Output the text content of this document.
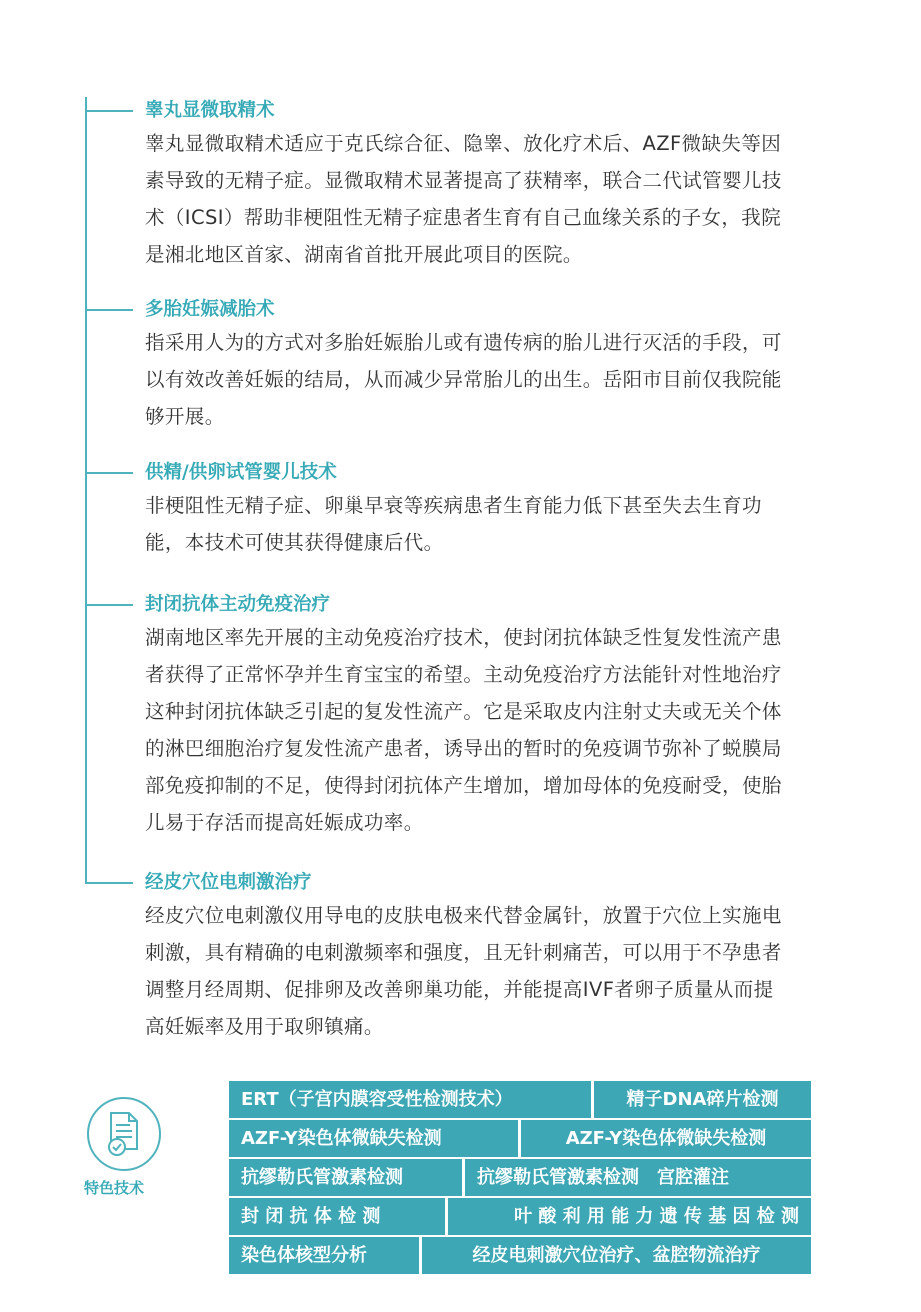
睾丸显微取精术
睾丸显微取精术适应于克氏综合征、隐睾、放化疗术后、AZF微缺失等因
素导致的无精子症。显微取精术显著提高了获精率，联合二代试管婴儿技
术（ICSI）帮助非梗阻性无精子症患者生育有自己血缘关系的子女，我院
是湘北地区首家、湖南省首批开展此项目的医院。
多胎妊娠减胎术
指采用人为的方式对多胎妊娠胎儿或有遗传病的胎儿进行灭活的手段，可
以有效改善妊娠的结局，从而减少异常胎儿的出生。岳阳市目前仅我院能
够开展。
供精/供卵试管婴儿技术
非梗阻性无精子症、卵巢早衰等疾病患者生育能力低下甚至失去生育功
能，本技术可使其获得健康后代。
封闭抗体主动免疫治疗
湖南地区率先开展的主动免疫治疗技术，使封闭抗体缺乏性复发性流产患
者获得了正常怀孕并生育宝宝的希望。主动免疫治疗方法能针对性地治疗
这种封闭抗体缺乏引起的复发性流产。它是采取皮内注射丈夫或无关个体
的淋巴细胞治疗复发性流产患者，诱导出的暂时的免疫调节弥补了蜕膜局
部免疫抑制的不足，使得封闭抗体产生增加，增加母体的免疫耐受，使胎
儿易于存活而提高妊娠成功率。
经皮穴位电刺激治疗
经皮穴位电刺激仪用导电的皮肤电极来代替金属针，放置于穴位上实施电
刺激，具有精确的电刺激频率和强度，且无针刺痛苦，可以用于不孕患者
调整月经周期、促排卵及改善卵巢功能，并能提高IVF者卵子质量从而提
高妊娠率及用于取卵镇痛。
特色技术
ERT（子宫内膜容受性检测技术）	精子DNA碎片检测
AZF-Y染色体微缺失检测	AZF-Y染色体微缺失检测
抗缪勒氏管激素检测	抗缪勒氏管激素检测　宫腔灌注
封 闭 抗 体 检 测	叶 酸 利 用 能 力 遗 传 基 因 检 测
染色体核型分析	经皮电刺激穴位治疗、盆腔物流治疗
